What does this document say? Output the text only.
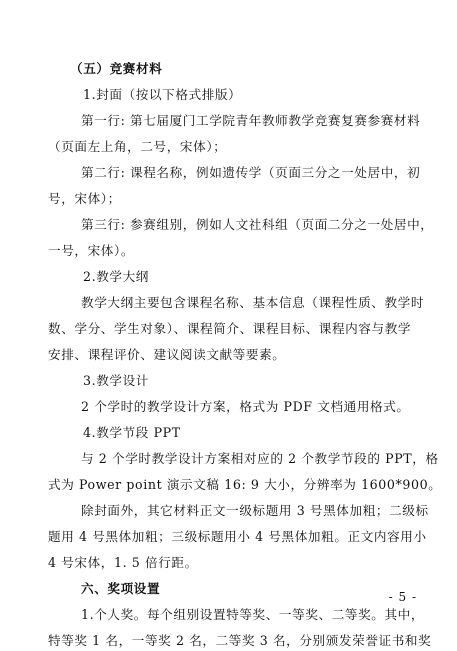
（五）竞赛材料
1.封面（按以下格式排版）
第一行: 第七届厦门工学院青年教师教学竞赛复赛参赛材料
（页面左上角，二号，宋体）；
第二行: 课程名称，例如遗传学（页面三分之一处居中，初
号，宋体）；
第三行: 参赛组别，例如人文社科组（页面二分之一处居中，
一号，宋体）。
2.教学大纲
教学大纲主要包含课程名称、基本信息（课程性质、教学时
数、学分、学生对象）、课程简介、课程目标、课程内容与教学
安排、课程评价、建议阅读文献等要素。
3.教学设计
2 个学时的教学设计方案，格式为 PDF 文档通用格式。
4.教学节段 PPT
与 2 个学时教学设计方案相对应的 2 个教学节段的 PPT，格
式为 Power point 演示文稿 16: 9 大小，分辨率为 1600*900。
除封面外，其它材料正文一级标题用 3 号黑体加粗；二级标
题用 4 号黑体加粗；三级标题用小 4 号黑体加粗。正文内容用小
4 号宋体，1. 5 倍行距。
六、奖项设置
1.个人奖。每个组别设置特等奖、一等奖、二等奖。其中，
特等奖 1 名，一等奖 2 名，二等奖 3 名，分别颁发荣誉证书和奖
- 5 -
